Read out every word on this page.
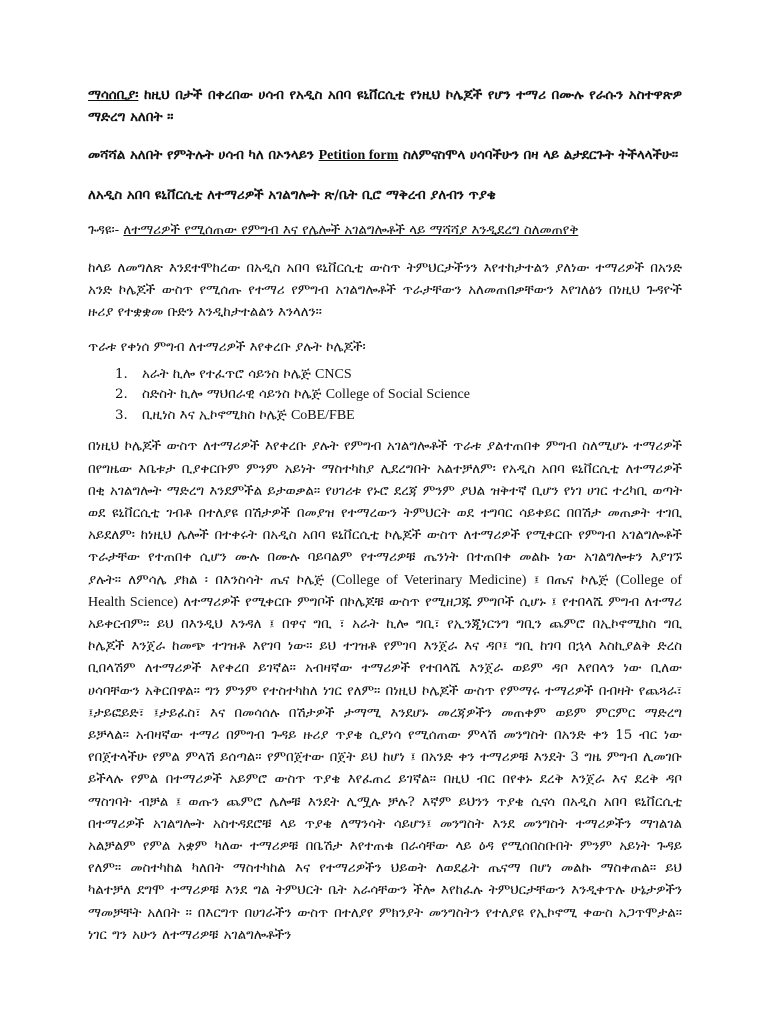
ማሳሰቢያ፡ ከዚህ በታች በቀረበው ሀሳብ የአዲስ አበባ ዩኒቨርሲቲ የነዚህ ኮሌጆች የሆን ተማሪ በሙሉ የራሱን አስተዋጽዎ ማድረግ አለበት ።

መሻሻል አለበት የምትሉት ሀሳብ ካለ በኦንላይን Petition form ስለምናስሞላ ሀሳባችሁን በዛ ላይ ልታደርጉት ትችላላችሁ።

ለአዲስ አበባ ዩኒቨርሲቲ ለተማሪዎች አገልግሎት ጽ/ቤት ቢሮ ማቅረብ ያለብን ጥያቄ

ጉዳዩ፡- ለተማሪዎች የሚሰጠው የምግብ እና የሌሎች አገልግሎቶች ላይ ማሻሻያ እንዲደረግ ስለመጠየቅ

ከላይ ለመግለጽ እንደተሞከረው በአዲስ አበባ ዩኒቨርሲቲ ውስጥ ትምህርታችንን እየተከታተልን ያለነው ተማሪዎች በአንድ አንድ ኮሌጆች ውስጥ የሚሰጡ የተማሪ የምግብ አገልግሎቶች ጥራታቸውን አለመጠበቃቸውን እየገለፅን በነዚህ ጉዳዮች ዙሪያ የተቋቋመ ቡድን እንዲከታተልልን እንላለን።

ጥራቱ የቀነሰ ምግብ ለተማሪዎች እየቀረቡ ያሉት ኮሌጆች፡

1. አራት ኪሎ የተፈጥሮ ሳይንስ ኮሌጅ CNCS
2. ስድስት ኪሎ ማህበራዊ ሳይንስ ኮሌጅ College of Social Science
3. ቢዚነስ እና ኢኮኖሚክስ ኮሌጅ CoBE/FBE

በነዚህ ኮሌጆች ውስጥ ለተማሪዎች እየቀረቡ ያሉት የምግብ አገልግሎቶች ጥራቱ ያልተጠበቀ ምግብ ስለሚሆኑ ተማሪዎች በየግዜው እቤቱታ ቢያቀርቡም ምንም አይነት ማስተካከያ ሊደረግበት አልተቻለም፡ የአዲስ አበባ ዩኒቨርሲቲ ለተማሪዎች በቂ አገልግሎት ማድረግ እንደምችል ይታወቃል። የሀገሪቱ የኑሮ ደረጃ ምንም ያህል ዝቅተኛ ቢሆን የነገ ሀገር ተረካቢ ወጣት ወደ ዩኒቨርሲቲ ገብቶ በተለያዩ በሽታዎች በመያዝ የተማረውን ትምህርት ወደ ተግባር ሳይቀይር በበሽታ መጠቃት ተገቢ አይደለም፡ ከነዚህ ሌሎች በተቀሩት በአዲስ አበባ ዩኒቨርሲቲ ኮሌጆች ውስጥ ለተማሪዎች የሚቀርቡ የምግብ አገልግሎቶች ጥራታቸው የተጠበቀ ሲሆን ሙሉ በሙሉ ባይባልም የተማሪዎቹ ጤንነት በተጠበቀ መልኩ ነው አገልግሎቱን እያገኙ ያሉት። ለምሳሌ ያክል ፡ በእንስሳት ጤና ኮሌጅ (College of Veterinary Medicine) ፤ በጤና ኮሌጅ (College of Health Science) ለተማሪዎች የሚቀርቡ ምግቦች በኮሌጆቹ ውስጥ የሚዘጋጁ ምግቦች ሲሆኑ ፤ የተበላሼ ምግብ ለተማሪ አይቀርብም። ይህ በእንዲህ እንዳለ ፤ በዋና ግቢ ፣ አራት ኪሎ ግቢ፣ የኢንጂነርንግ ግቢን ጨምሮ በኢኮኖሚክስ ግቢ ኮሌጆች እንጀራ ከመጭ ተገዝቶ እየገባ ነው። ይህ ተገዝቶ የምገባ እንጀራ እና ዳቦ፤ ግቢ ከገባ በኋላ እስኪያልቅ ድረስ ቢበላሽም ለተማሪዎች እየቀረበ ይገኛል። አብዛኛው ተማሪዎች የተበላሼ እንጀራ ወይም ዳቦ እየበላን ነው ቢለው ሀሳባቸውን አቅርበዋል። ግን ምንም የተስተካከለ ነገር የለም። በነዚህ ኮሌጆች ውስጥ የምማሩ ተማሪዎች በብዛት የጨጓራ፣ ፤ታይፎይድ፣ ፤ታይፈስ፣ እና በመሳሰሉ በሽታዎች ታማሚ እንደሆኑ መረጃዎችን መጠቀም ወይም ምርምር ማድረግ ይቻላል። አብዛኛው ተማሪ በምግብ ጉዳይ ዙሪያ ጥያቄ ሲያነሳ የሚሰጠው ምላሽ መንግስት በአንድ ቀን 15 ብር ነው የበጀተላችሁ የምል ምላሽ ይሰጣል። የምበጀተው በጀት ይህ ከሆነ ፤ በአንድ ቀን ተማሪዎቹ እንደት 3 ግዜ ምግብ ሊመገቡ ይችላሉ የምል በተማሪዎች አይምሮ ውስጥ ጥያቄ እየፈጠረ ይገኛል። በዚህ ብር በየቀኑ ደረቅ እንጀራ እና ደረቅ ዳቦ ማስገባት ብቻል ፤ ወጡን ጨምሮ ሌሎቹ እንደት ሊሟሉ ቻሉ? እኛም ይህንን ጥያቄ ሲናሳ በአዲስ አበባ ዩኒቨርሲቲ በተማሪዎች አገልግሎት አስተዳደሮቹ ላይ ጥያቄ ለማንሳት ሳይሆን፤ መንግስት እንደ መንግስት ተማሪዎችን ማገልገል አልቻልም የምል አቋም ካለው ተማሪዎቹ በቤሽታ እየተጠቁ በራሳቸው ላይ ዕዳ የሚሰበስቡበት ምንም አይነት ጉዳይ የለም። መስተካከል ካለበት ማስተካከል እና የተማሪዎችን ህይወት ለወደፊት ጤናማ በሆነ መልኩ ማስቀጠል። ይህ ካልተቻለ ደግሞ ተማሪዎቹ እንደ ግል ትምህርት ቤት አራሳቸውን ችሎ እየከፈሉ ትምህርታቸውን እንዲቀጥሉ ሁኔታዎችን ማመቻቸት አለበት ። በእርግጥ በሀገራችን ውስጥ በተለያየ ምክንያት መንግስትን የተለያዩ የኢኮኖሚ ቀውስ አጋጥሞታል። ነገር ግን አሁን ለተማሪዎቹ አገልግሎቶችን
